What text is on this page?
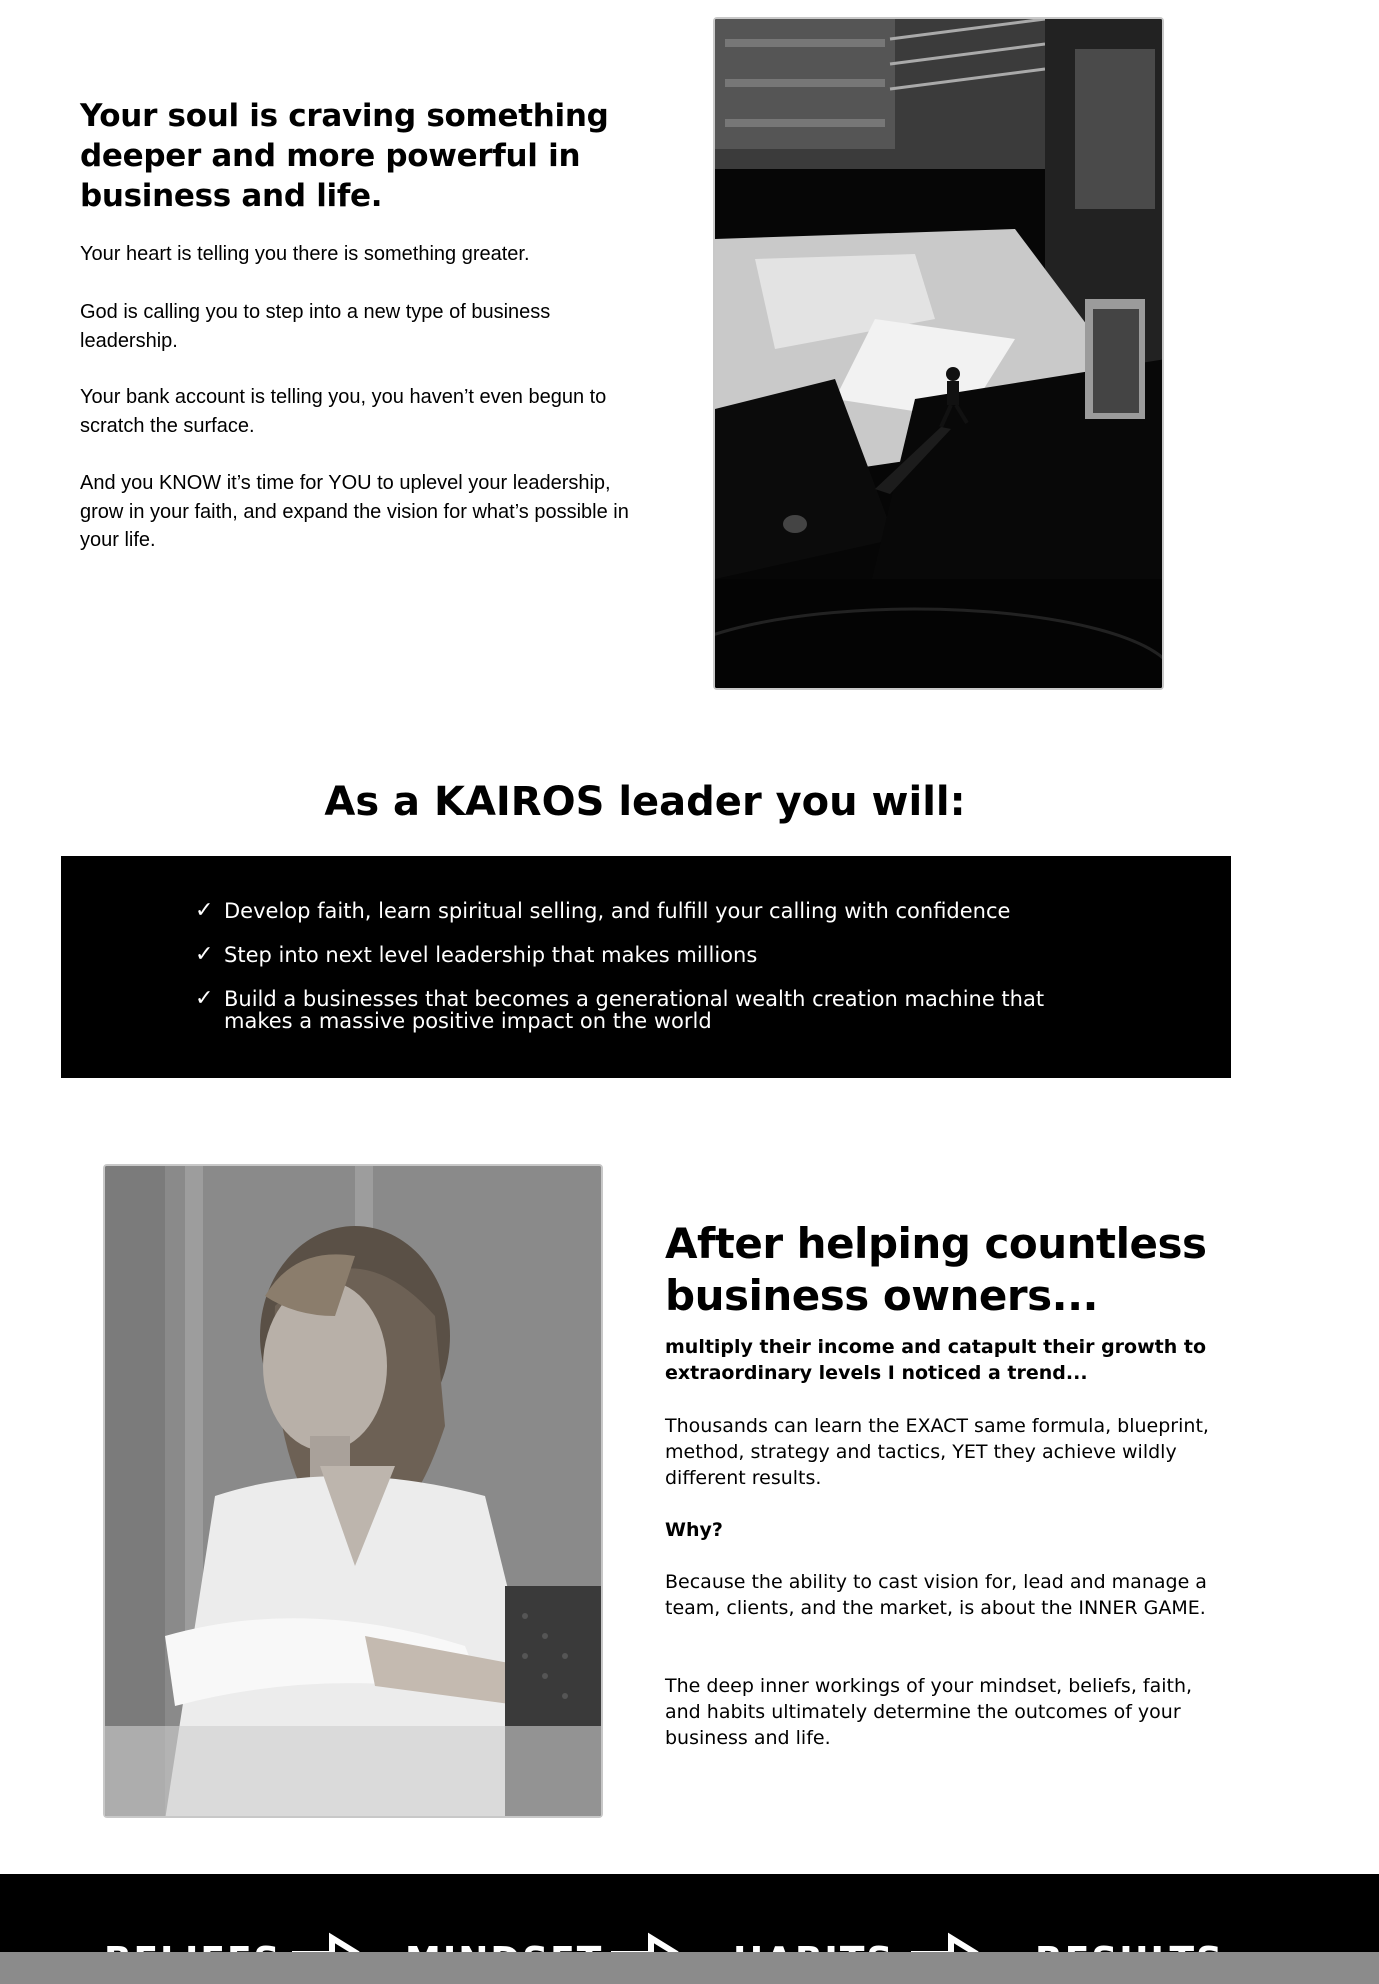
Your soul is craving something deeper and more powerful in business and life.

Your heart is telling you there is something greater.

God is calling you to step into a new type of business leadership.

Your bank account is telling you, you haven’t even begun to scratch the surface.

And you KNOW it’s time for YOU to uplevel your leadership, grow in your faith, and expand the vision for what’s possible in your life.

As a KAIROS leader you will:
✓ Develop faith, learn spiritual selling, and fulfill your calling with confidence
✓ Step into next level leadership that makes millions
✓ Build a businesses that becomes a generational wealth creation machine that makes a massive positive impact on the world
After helping countless business owners...

multiply their income and catapult their growth to extraordinary levels I noticed a trend...

Thousands can learn the EXACT same formula, blueprint, method, strategy and tactics, YET they achieve wildly different results.

Why?

Because the ability to cast vision for, lead and manage a team, clients, and the market, is about the INNER GAME.

The deep inner workings of your mindset, beliefs, faith, and habits ultimately determine the outcomes of your business and life.
